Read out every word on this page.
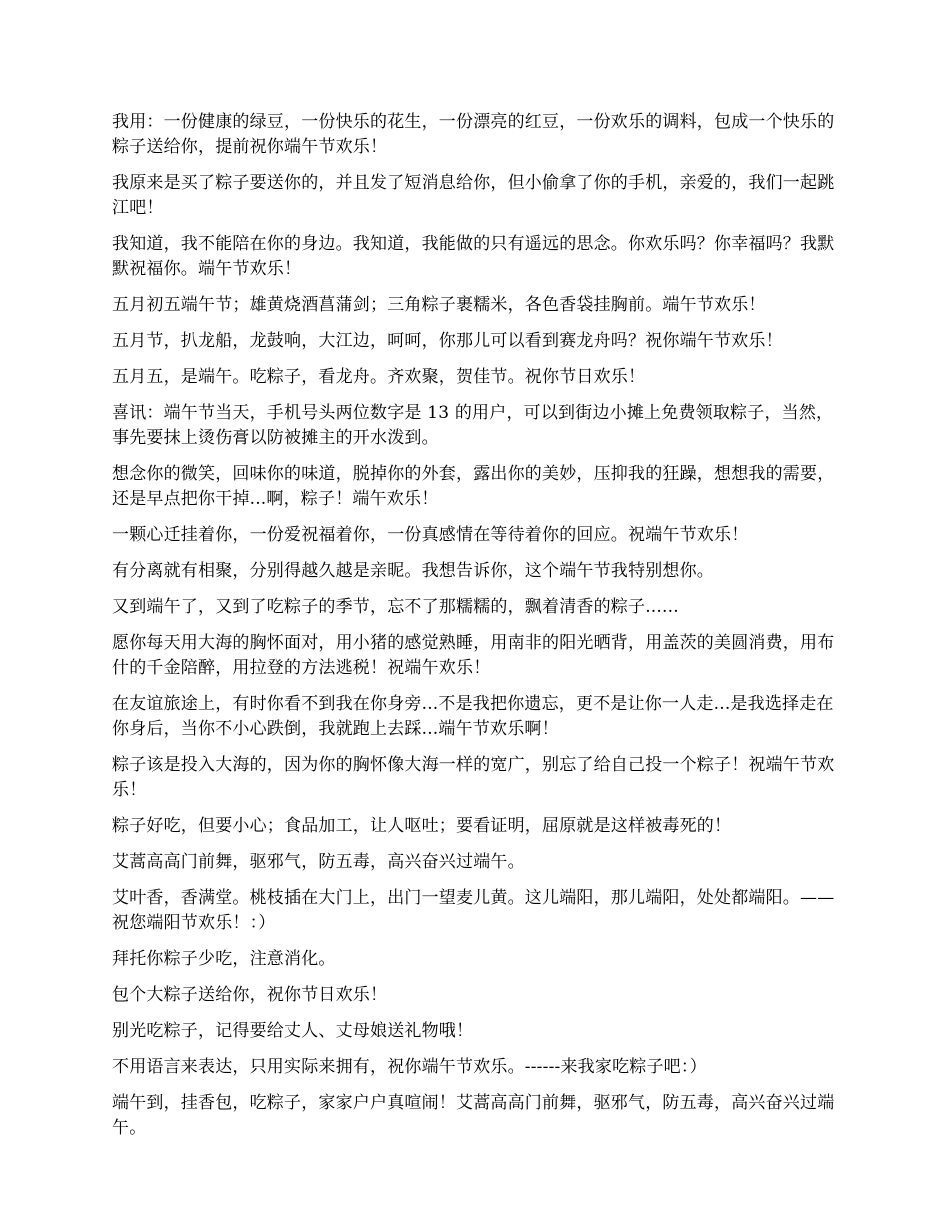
我用：一份健康的绿豆，一份快乐的花生，一份漂亮的红豆，一份欢乐的调料，包成一个快乐的粽子送给你，提前祝你端午节欢乐！

我原来是买了粽子要送你的，并且发了短消息给你，但小偷拿了你的手机，亲爱的，我们一起跳江吧！

我知道，我不能陪在你的身边。我知道，我能做的只有遥远的思念。你欢乐吗？你幸福吗？我默默祝福你。端午节欢乐！

五月初五端午节；雄黄烧酒菖蒲剑；三角粽子裹糯米，各色香袋挂胸前。端午节欢乐！

五月节，扒龙船，龙鼓响，大江边，呵呵，你那儿可以看到赛龙舟吗？祝你端午节欢乐！

五月五，是端午。吃粽子，看龙舟。齐欢聚，贺佳节。祝你节日欢乐！

喜讯：端午节当天，手机号头两位数字是 13 的用户，可以到街边小摊上免费领取粽子，当然，事先要抹上烫伤膏以防被摊主的开水泼到。

想念你的微笑，回味你的味道，脱掉你的外套，露出你的美妙，压抑我的狂躁，想想我的需要，还是早点把你干掉...啊，粽子！端午欢乐！

一颗心迁挂着你，一份爱祝福着你，一份真感情在等待着你的回应。祝端午节欢乐！

有分离就有相聚，分别得越久越是亲昵。我想告诉你，这个端午节我特别想你。

又到端午了，又到了吃粽子的季节，忘不了那糯糯的，飘着清香的粽子......

愿你每天用大海的胸怀面对，用小猪的感觉熟睡，用南非的阳光晒背，用盖茨的美圆消费，用布什的千金陪醉，用拉登的方法逃税！祝端午欢乐！

在友谊旅途上，有时你看不到我在你身旁...不是我把你遗忘，更不是让你一人走...是我选择走在你身后，当你不小心跌倒，我就跑上去踩...端午节欢乐啊！

粽子该是投入大海的，因为你的胸怀像大海一样的宽广，别忘了给自己投一个粽子！祝端午节欢乐！

粽子好吃，但要小心；食品加工，让人呕吐；要看证明，屈原就是这样被毒死的！

艾蒿高高门前舞，驱邪气，防五毒，高兴奋兴过端午。

艾叶香，香满堂。桃枝插在大门上，出门一望麦儿黄。这儿端阳，那儿端阳，处处都端阳。——祝您端阳节欢乐！：）

拜托你粽子少吃，注意消化。

包个大粽子送给你，祝你节日欢乐！

别光吃粽子，记得要给丈人、丈母娘送礼物哦！

不用语言来表达，只用实际来拥有，祝你端午节欢乐。------来我家吃粽子吧：）

端午到，挂香包，吃粽子，家家户户真喧闹！艾蒿高高门前舞，驱邪气，防五毒，高兴奋兴过端午。
